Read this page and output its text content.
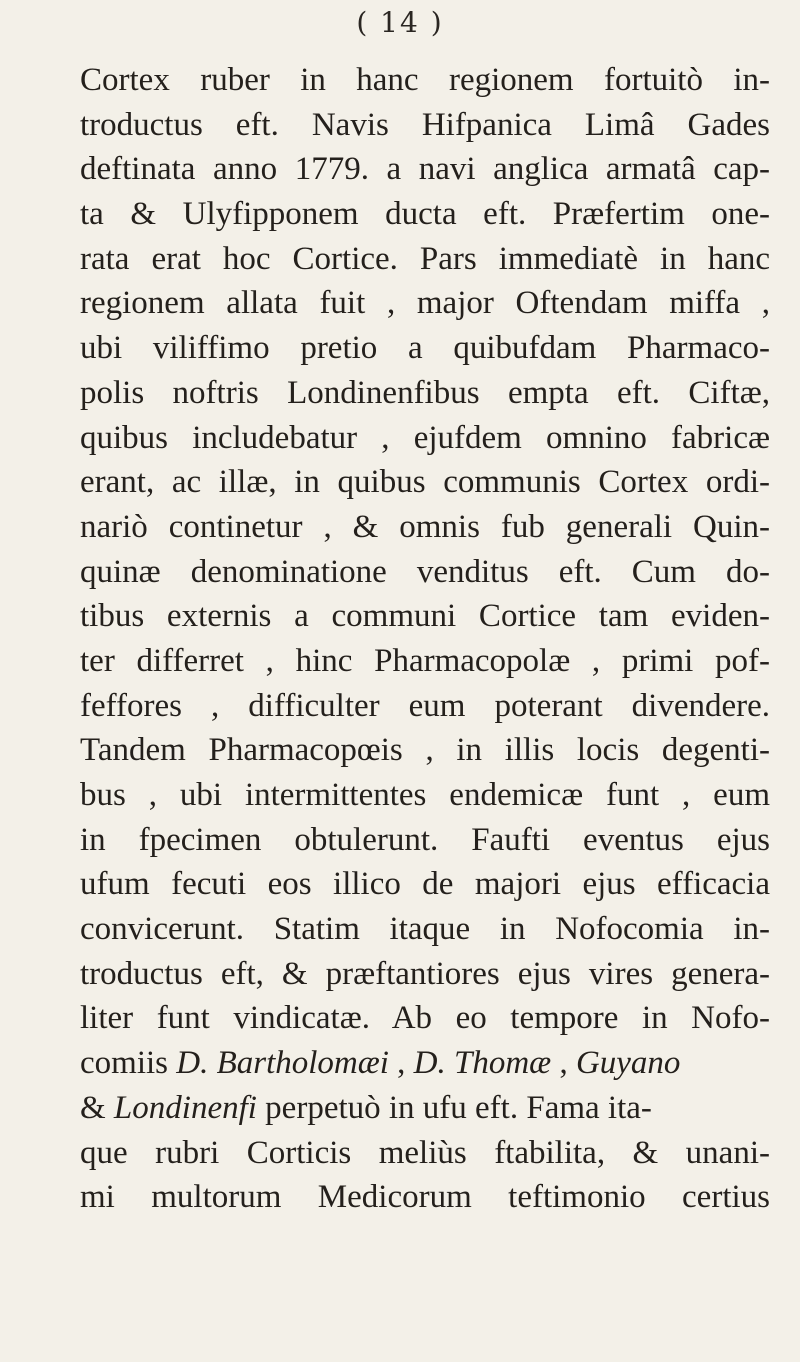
( 14 )
Cortex ruber in hanc regionem fortuitò in-
troductus eft. Navis Hifpanica Limâ Gades
deftinata anno 1779. a navi anglica armatâ cap-
ta & Ulyfipponem ducta eft. Præfertim one-
rata erat hoc Cortice. Pars immediatè in hanc
regionem allata fuit , major Oftendam miffa ,
ubi viliffimo pretio a quibufdam Pharmaco-
polis noftris Londinenfibus empta eft. Ciftæ,
quibus includebatur , ejufdem omnino fabricæ
erant, ac illæ, in quibus communis Cortex ordi-
nariò continetur , & omnis fub generali Quin-
quinæ denominatione venditus eft. Cum do-
tibus externis a communi Cortice tam eviden-
ter differret , hinc Pharmacopolæ , primi pof-
feffores , difficulter eum poterant divendere.
Tandem Pharmacopœis , in illis locis degenti-
bus , ubi intermittentes endemicæ funt , eum
in fpecimen obtulerunt. Faufti eventus ejus
ufum fecuti eos illico de majori ejus efficacia
convicerunt. Statim itaque in Nofocomia in-
troductus eft, & præftantiores ejus vires genera-
liter funt vindicatæ. Ab eo tempore in Nofo-
comiis D. Bartholomæi , D. Thomæ , Guyano
& Londinenfi perpetuò in ufu eft. Fama ita-
que rubri Corticis meliùs ftabilita, & unani-
mi multorum Medicorum teftimonio certius
